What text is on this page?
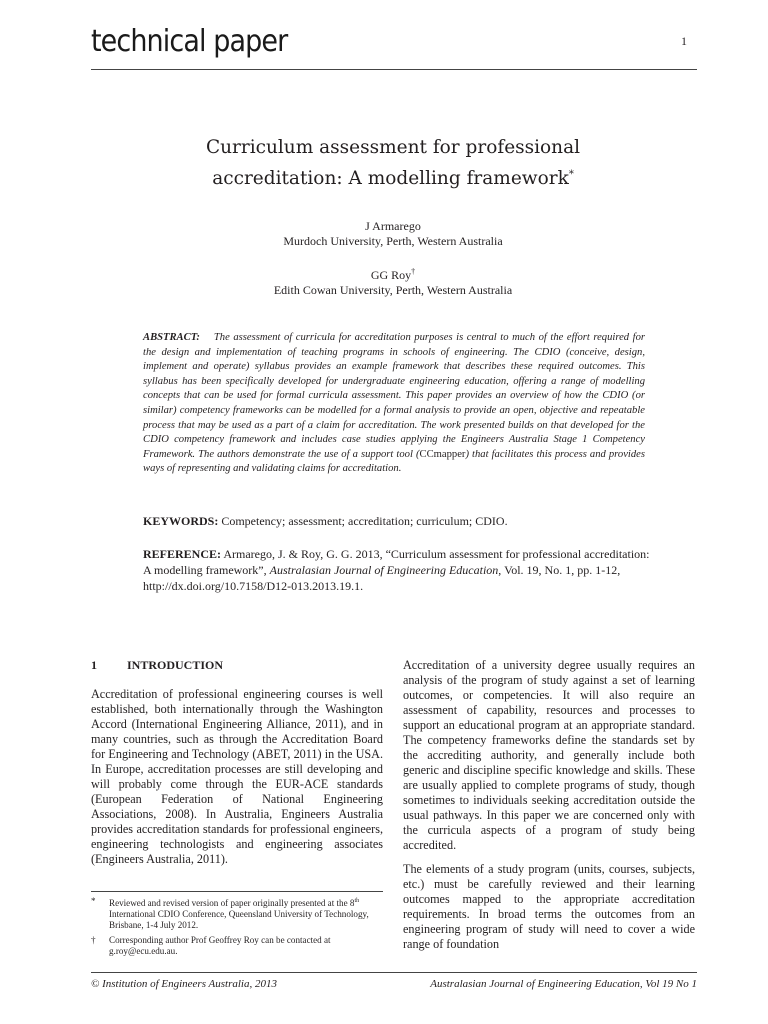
technical paper	1
Curriculum assessment for professional
accreditation: A modelling framework*
J Armarego
Murdoch University, Perth, Western Australia
GG Roy†
Edith Cowan University, Perth, Western Australia
ABSTRACT: The assessment of curricula for accreditation purposes is central to much of the effort required for the design and implementation of teaching programs in schools of engineering. The CDIO (conceive, design, implement and operate) syllabus provides an example framework that describes these required outcomes. This syllabus has been specifically developed for undergraduate engineering education, offering a range of modelling concepts that can be used for formal curricula assessment. This paper provides an overview of how the CDIO (or similar) competency frameworks can be modelled for a formal analysis to provide an open, objective and repeatable process that may be used as a part of a claim for accreditation. The work presented builds on that developed for the CDIO competency framework and includes case studies applying the Engineers Australia Stage 1 Competency Framework. The authors demonstrate the use of a support tool (CCmapper) that facilitates this process and provides ways of representing and validating claims for accreditation.
KEYWORDS: Competency; assessment; accreditation; curriculum; CDIO.
REFERENCE: Armarego, J. & Roy, G. G. 2013, “Curriculum assessment for professional accreditation: A modelling framework”, Australasian Journal of Engineering Education, Vol. 19, No. 1, pp. 1-12, http://dx.doi.org/10.7158/D12-013.2013.19.1.
1	INTRODUCTION

Accreditation of professional engineering courses is well established, both internationally through the Washington Accord (International Engineering Alliance, 2011), and in many countries, such as through the Accreditation Board for Engineering and Technology (ABET, 2011) in the USA. In Europe, accreditation processes are still developing and will probably come through the EUR-ACE standards (European Federation of National Engineering Associations, 2008). In Australia, Engineers Australia provides accreditation standards for professional engineers, engineering technologists and engineering associates (Engineers Australia, 2011).

*	Reviewed and revised version of paper originally presented at the 8th International CDIO Conference, Queensland University of Technology, Brisbane, 1-4 July 2012.
†	Corresponding author Prof Geoffrey Roy can be contacted at g.roy@ecu.edu.au.

Accreditation of a university degree usually requires an analysis of the program of study against a set of learning outcomes, or competencies. It will also require an assessment of capability, resources and processes to support an educational program at an appropriate standard. The competency frameworks define the standards set by the accrediting authority, and generally include both generic and discipline specific knowledge and skills. These are usually applied to complete programs of study, though sometimes to individuals seeking accreditation outside the usual pathways. In this paper we are concerned only with the curricula aspects of a program of study being accredited.

The elements of a study program (units, courses, subjects, etc.) must be carefully reviewed and their learning outcomes mapped to the appropriate accreditation requirements. In broad terms the outcomes from an engineering program of study will need to cover a wide range of foundation

© Institution of Engineers Australia, 2013	Australasian Journal of Engineering Education, Vol 19 No 1
